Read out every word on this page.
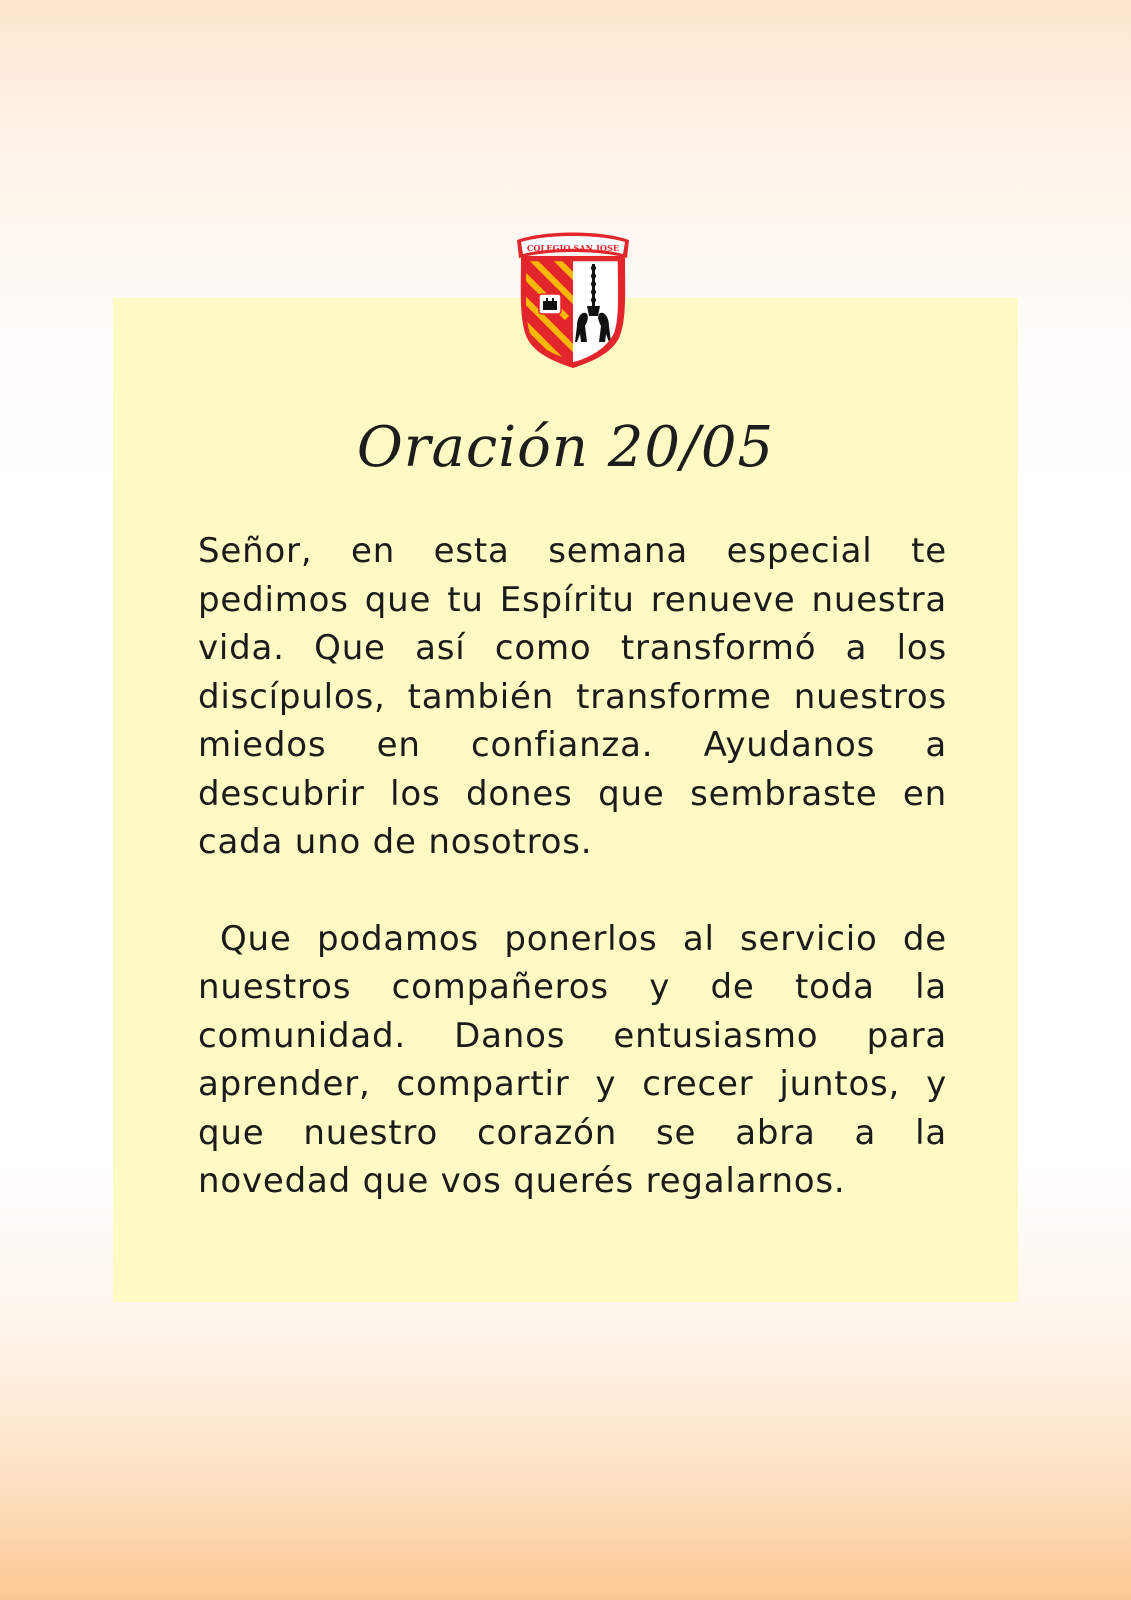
COLEGIO SAN JOSE
Oración 20/05

Señor, en esta semana especial te pedimos que tu Espíritu renueve nuestra vida. Que así como transformó a los discípulos, también transforme nuestros miedos en confianza. Ayudanos a descubrir los dones que sembraste en cada uno de nosotros.

Que podamos ponerlos al servicio de nuestros compañeros y de toda la comunidad. Danos entusiasmo para aprender, compartir y crecer juntos, y que nuestro corazón se abra a la novedad que vos querés regalarnos.
